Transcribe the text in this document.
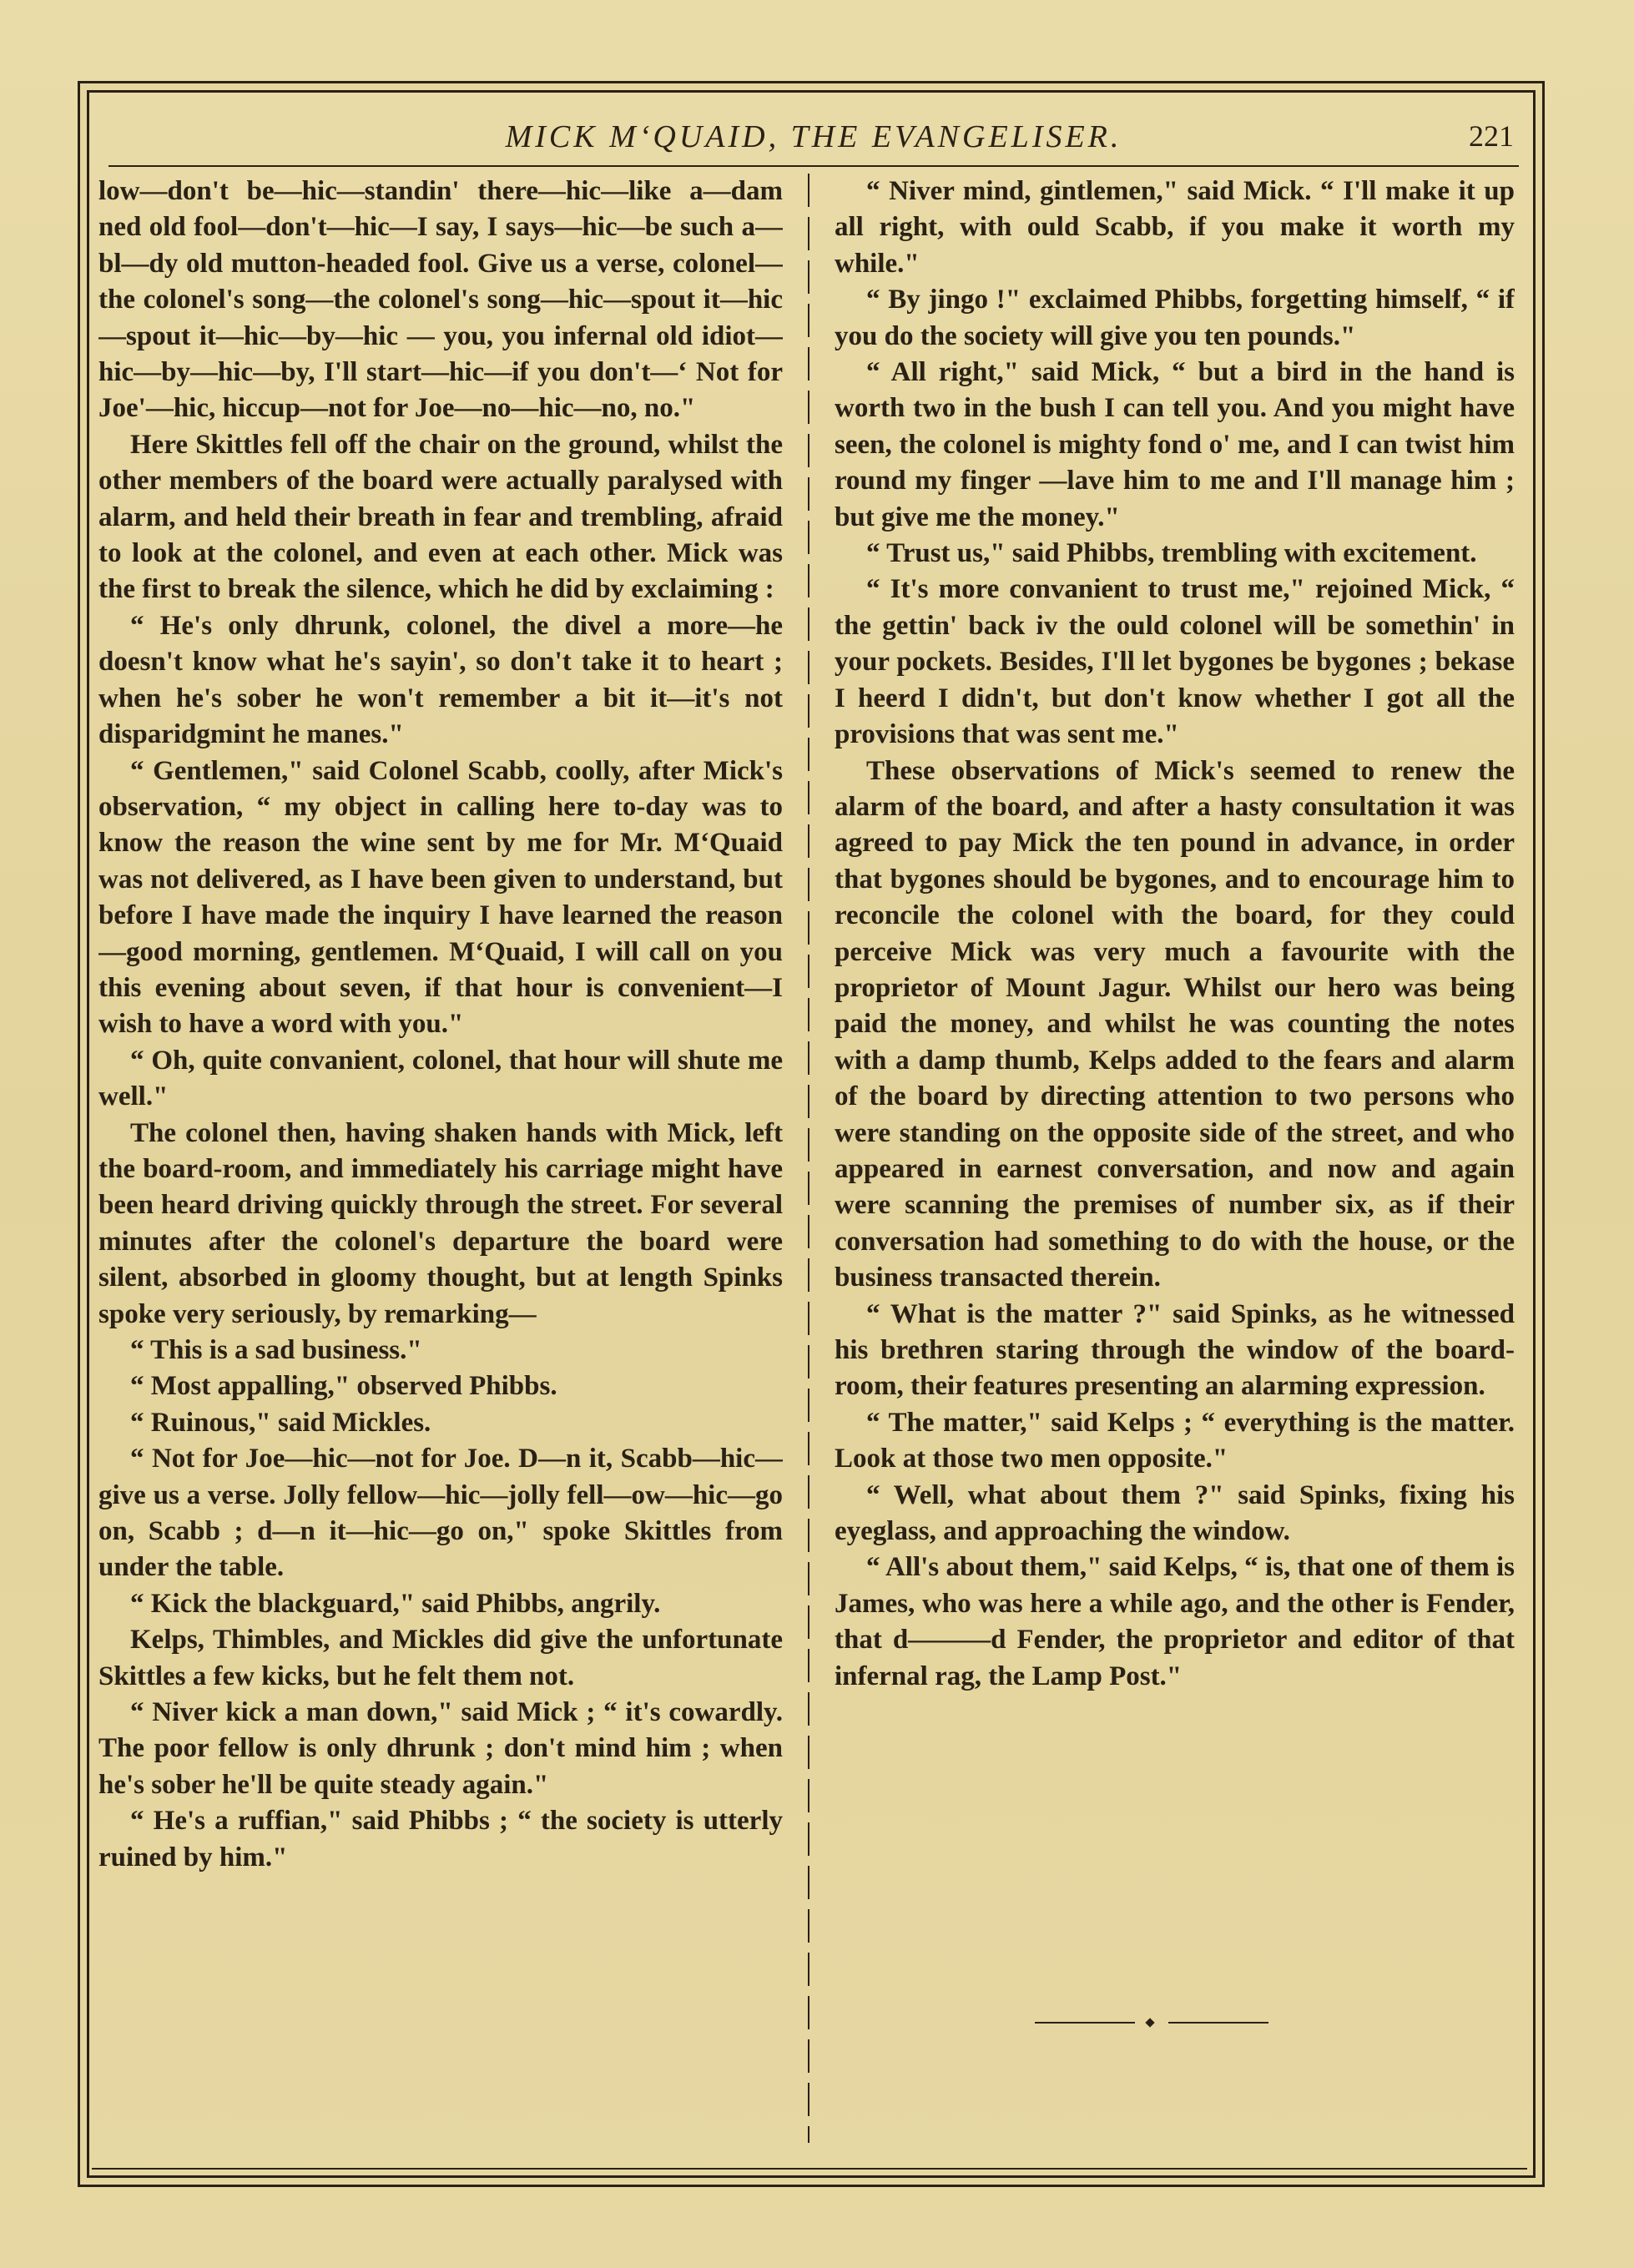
MICK M‘QUAID, THE EVANGELISER.	221

low—don't be—hic—standin' there—hic—like a—dam ned old fool—don't—hic—I say, I says—hic—be such a—bl—dy old mutton-headed fool. Give us a verse, colonel—the colonel's song—the colonel's song—hic—spout it—hic—spout it—hic—by—hic — you, you infernal old idiot—hic—by—hic—by, I'll start—hic—if you don't—‘ Not for Joe'—hic, hiccup—not for Joe—no—hic—no, no."

Here Skittles fell off the chair on the ground, whilst the other members of the board were actually paralysed with alarm, and held their breath in fear and trembling, afraid to look at the colonel, and even at each other. Mick was the first to break the silence, which he did by exclaiming :

“ He's only dhrunk, colonel, the divel a more—he doesn't know what he's sayin', so don't take it to heart ; when he's sober he won't remember a bit it—it's not disparidgmint he manes."

“ Gentlemen," said Colonel Scabb, coolly, after Mick's observation, “ my object in calling here to-day was to know the reason the wine sent by me for Mr. M‘Quaid was not delivered, as I have been given to understand, but before I have made the inquiry I have learned the reason—good morning, gentlemen. M‘Quaid, I will call on you this evening about seven, if that hour is convenient—I wish to have a word with you."

“ Oh, quite convanient, colonel, that hour will shute me well."

The colonel then, having shaken hands with Mick, left the board-room, and immediately his carriage might have been heard driving quickly through the street. For several minutes after the colonel's departure the board were silent, absorbed in gloomy thought, but at length Spinks spoke very seriously, by remarking—

“ This is a sad business."

“ Most appalling," observed Phibbs.

“ Ruinous," said Mickles.

“ Not for Joe—hic—not for Joe. D—n it, Scabb—hic—give us a verse. Jolly fellow—hic—jolly fell—ow—hic—go on, Scabb ; d—n it—hic—go on," spoke Skittles from under the table.

“ Kick the blackguard," said Phibbs, angrily.

Kelps, Thimbles, and Mickles did give the unfortunate Skittles a few kicks, but he felt them not.

“ Niver kick a man down," said Mick ; “ it's cowardly. The poor fellow is only dhrunk ; don't mind him ; when he's sober he'll be quite steady again."

“ He's a ruffian," said Phibbs ; “ the society is utterly ruined by him."

“ Niver mind, gintlemen," said Mick. “ I'll make it up all right, with ould Scabb, if you make it worth my while."

“ By jingo !" exclaimed Phibbs, forgetting himself, “ if you do the society will give you ten pounds."

“ All right," said Mick, “ but a bird in the hand is worth two in the bush I can tell you. And you might have seen, the colonel is mighty fond o' me, and I can twist him round my finger —lave him to me and I'll manage him ; but give me the money."

“ Trust us," said Phibbs, trembling with excitement.

“ It's more convanient to trust me," rejoined Mick, “ the gettin' back iv the ould colonel will be somethin' in your pockets. Besides, I'll let bygones be bygones ; bekase I heerd I didn't, but don't know whether I got all the provisions that was sent me."

These observations of Mick's seemed to renew the alarm of the board, and after a hasty consultation it was agreed to pay Mick the ten pound in advance, in order that bygones should be bygones, and to encourage him to reconcile the colonel with the board, for they could perceive Mick was very much a favourite with the proprietor of Mount Jagur. Whilst our hero was being paid the money, and whilst he was counting the notes with a damp thumb, Kelps added to the fears and alarm of the board by directing attention to two persons who were standing on the opposite side of the street, and who appeared in earnest conversation, and now and again were scanning the premises of number six, as if their conversation had something to do with the house, or the business transacted therein.

“ What is the matter ?" said Spinks, as he witnessed his brethren staring through the window of the board-room, their features presenting an alarming expression.

“ The matter," said Kelps ; “ everything is the matter. Look at those two men opposite."

“ Well, what about them ?" said Spinks, fixing his eyeglass, and approaching the window.

“ All's about them," said Kelps, “ is, that one of them is James, who was here a while ago, and the other is Fender, that d———d Fender, the proprietor and editor of that infernal rag, the Lamp Post."
